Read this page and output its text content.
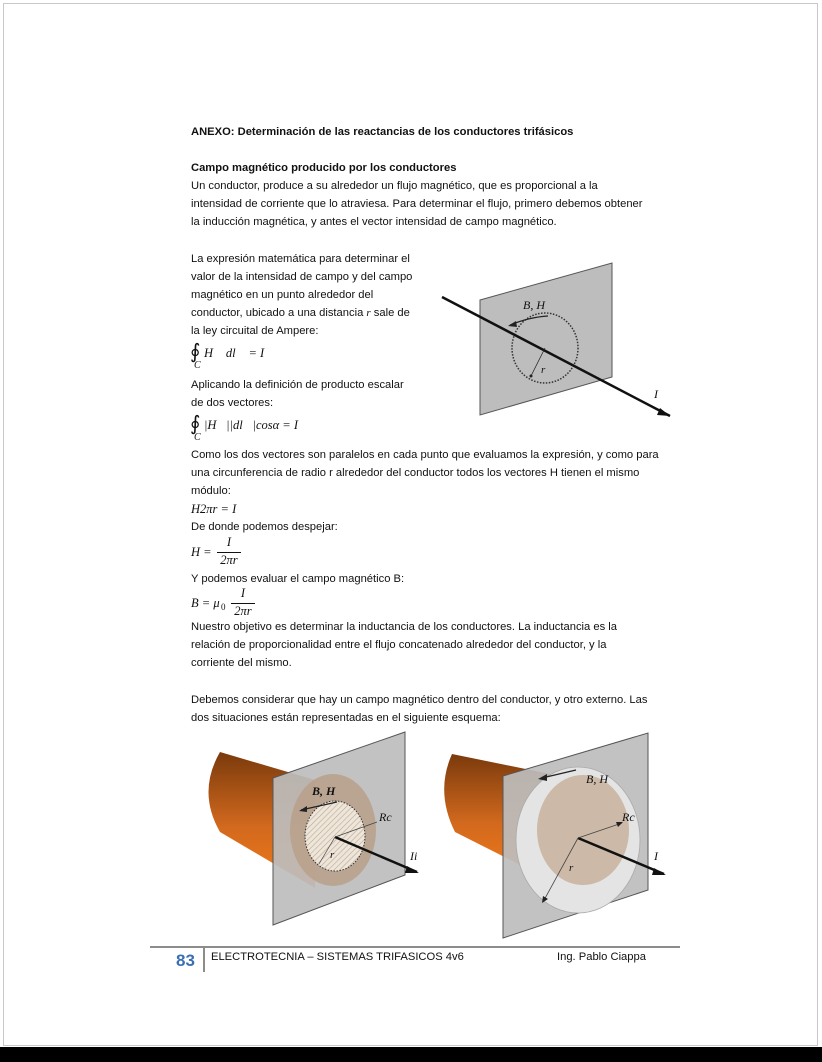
ANEXO: Determinación de las reactancias de los conductores trifásicos
Campo magnético producido por los conductores
Un conductor, produce a su alrededor un flujo magnético, que es proporcional a la
intensidad de corriente que lo atraviesa. Para determinar el flujo, primero debemos obtener
la inducción magnética, y antes el vector intensidad de campo magnético.
La expresión matemática para determinar el
valor de la intensidad de campo y del campo
magnético en un punto alrededor del
conductor, ubicado a una distancia r sale de
la ley circuital de Ampere:
∮
C
H⃗ dl⃗ = I
Aplicando la definición de producto escalar
de dos vectores:
∮
C
|H⃗||dl⃗|cosα = I
Como los dos vectores son paralelos en cada punto que evaluamos la expresión, y como para
una circunferencia de radio r alrededor del conductor todos los vectores H tienen el mismo
módulo:
H2πr = I
De donde podemos despejar:
H =
I
2πr
Y podemos evaluar el campo magnético B:
B = μ 0
I
2πr
Nuestro objetivo es determinar la inductancia de los conductores. La inductancia es la
relación de proporcionalidad entre el flujo concatenado alrededor del conductor, y la
corriente del mismo.
Debemos considerar que hay un campo magnético dentro del conductor, y otro externo. Las
dos situaciones están representadas en el siguiente esquema:
B, H
r
I
B, H
Rc
r	Ii
B, H
Rc
r
I
83 ELECTROTECNIA – SISTEMAS TRIFASICOS 4v6	Ing. Pablo Ciappa
